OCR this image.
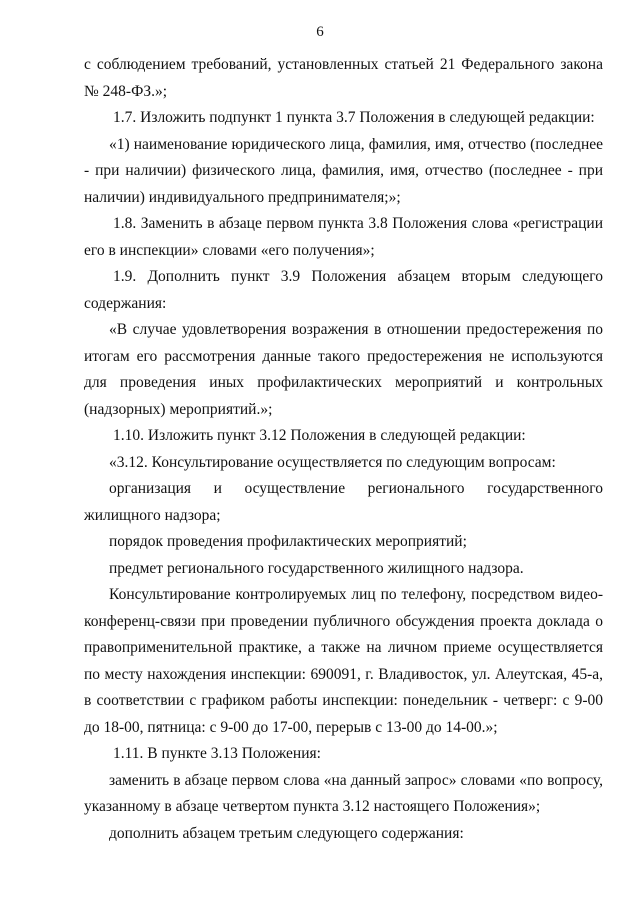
6

с соблюдением требований, установленных статьей 21 Федерального закона № 248-ФЗ.»;

1.7. Изложить подпункт 1 пункта 3.7 Положения в следующей редакции:

«1) наименование юридического лица, фамилия, имя, отчество (последнее - при наличии) физического лица, фамилия, имя, отчество (последнее - при наличии) индивидуального предпринимателя;»;

1.8. Заменить в абзаце первом пункта 3.8 Положения слова «регистрации его в инспекции» словами «его получения»;

1.9. Дополнить пункт 3.9 Положения абзацем вторым следующего содержания:

«В случае удовлетворения возражения в отношении предостережения по итогам его рассмотрения данные такого предостережения не используются для проведения иных профилактических мероприятий и контрольных (надзорных) мероприятий.»;

1.10. Изложить пункт 3.12 Положения в следующей редакции:

«3.12. Консультирование осуществляется по следующим вопросам:

организация и осуществление регионального государственного жилищного надзора;

порядок проведения профилактических мероприятий;

предмет регионального государственного жилищного надзора.

Консультирование контролируемых лиц по телефону, посредством видео-конференц-связи при проведении публичного обсуждения проекта доклада о правоприменительной практике, а также на личном приеме осуществляется по месту нахождения инспекции: 690091, г. Владивосток, ул. Алеутская, 45-а, в соответствии с графиком работы инспекции: понедельник - четверг: с 9-00 до 18-00, пятница: с 9-00 до 17-00, перерыв с 13-00 до 14-00.»;

1.11. В пункте 3.13 Положения:

заменить в абзаце первом слова «на данный запрос» словами «по вопросу, указанному в абзаце четвертом пункта 3.12 настоящего Положения»;

дополнить абзацем третьим следующего содержания:
